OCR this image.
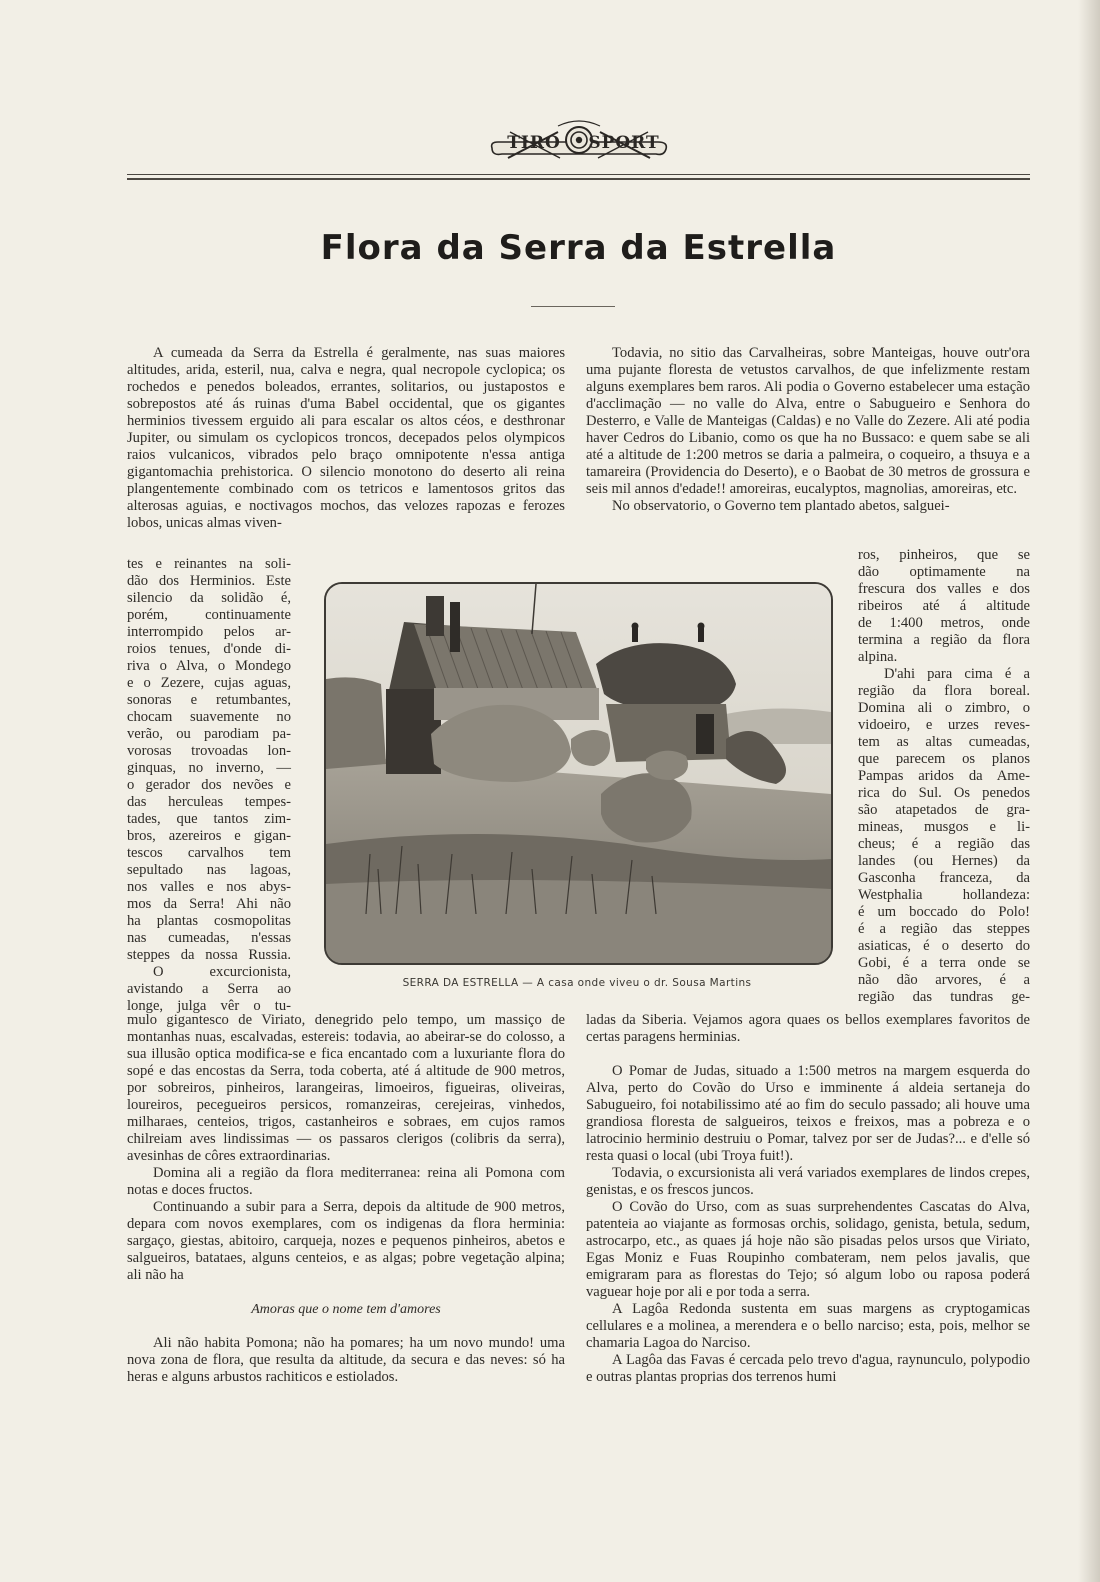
TIRO SPORT
Flora da Serra da Estrella

A cumeada da Serra da Estrella é geralmente, nas suas maiores altitudes, arida, esteril, nua, calva e negra, qual necropole cyclopica; os rochedos e penedos boleados, errantes, solitarios, ou justapostos e sobrepostos até ás ruinas d'uma Babel occidental, que os gigantes herminios tivessem erguido ali para escalar os altos céos, e desthronar Jupiter, ou simulam os cyclopicos troncos, decepados pelos olympicos raios vulcanicos, vibrados pelo braço omnipotente n'essa antiga gigantomachia prehistorica. O silencio monotono do deserto ali reina plangentemente combinado com os tetricos e lamentosos gritos das alterosas aguias, e noctivagos mochos, das velozes rapozas e ferozes lobos, unicas almas viven-

tes e reinantes na soli-
dão dos Herminios. Este
silencio da solidão é,
porém, continuamente
interrompido pelos ar-
roios tenues, d'onde di-
riva o Alva, o Mondego
e o Zezere, cujas aguas,
sonoras e retumbantes,
chocam suavemente no
verão, ou parodiam pa-
vorosas trovoadas lon-
ginquas, no inverno, —
o gerador dos nevões e
das herculeas tempes-
tades, que tantos zim-
bros, azereiros e gigan-
tescos carvalhos tem
sepultado nas lagoas,
nos valles e nos abys-
mos da Serra! Ahi não
ha plantas cosmopolitas
nas cumeadas, n'essas
steppes da nossa Russia.
O excurcionista,
avistando a Serra ao
longe, julga vêr o tu-

mulo gigantesco de Viriato, denegrido pelo tempo, um massiço de montanhas nuas, escalvadas, estereis: todavia, ao abeirar-se do colosso, a sua illusão optica modifica-se e fica encantado com a luxuriante flora do sopé e das encostas da Serra, toda coberta, até á altitude de 900 metros, por sobreiros, pinheiros, larangeiras, limoeiros, figueiras, oliveiras, loureiros, pecegueiros persicos, romanzeiras, cerejeiras, vinhedos, milharaes, centeios, trigos, castanheiros e sobraes, em cujos ramos chilreiam aves lindissimas — os passaros clerigos (colibris da serra), avesinhas de côres extraordinarias.

Domina ali a região da flora mediterranea: reina ali Pomona com notas e doces fructos.

Continuando a subir para a Serra, depois da altitude de 900 metros, depara com novos exemplares, com os indigenas da flora herminia: sargaço, giestas, abitoiro, carqueja, nozes e pequenos pinheiros, abetos e salgueiros, batataes, alguns centeios, e as algas; pobre vegetação alpina; ali não ha

Amoras que o nome tem d'amores

Ali não habita Pomona; não ha pomares; ha um novo mundo! uma nova zona de flora, que resulta da altitude, da secura e das neves: só ha heras e alguns arbustos rachiticos e estiolados.

Todavia, no sitio das Carvalheiras, sobre Manteigas, houve outr'ora uma pujante floresta de vetustos carvalhos, de que infelizmente restam alguns exemplares bem raros. Ali podia o Governo estabelecer uma estação d'acclimação — no valle do Alva, entre o Sabugueiro e Senhora do Desterro, e Valle de Manteigas (Caldas) e no Valle do Zezere. Ali até podia haver Cedros do Libanio, como os que ha no Bussaco: e quem sabe se ali até a altitude de 1:200 metros se daria a palmeira, o coqueiro, a thsuya e a tamareira (Providencia do Deserto), e o Baobat de 30 metros de grossura e seis mil annos d'edade!! amoreiras, eucalyptos, magnolias, amoreiras, etc.

No observatorio, o Governo tem plantado abetos, salguei-

ros, pinheiros, que se
dão optimamente na
frescura dos valles e dos
ribeiros até á altitude
de 1:400 metros, onde
termina a região da flora
alpina.
D'ahi para cima é a
região da flora boreal.
Domina ali o zimbro, o
vidoeiro, e urzes reves-
tem as altas cumeadas,
que parecem os planos
Pampas aridos da Ame-
rica do Sul. Os penedos
são atapetados de gra-
mineas, musgos e li-
cheus; é a região das
landes (ou Hernes) da
Gasconha franceza, da
Westphalia hollandeza:
é um boccado do Polo!
é a região das steppes
asiaticas, é o deserto do
Gobi, é a terra onde se
não dão arvores, é a
região das tundras ge-

ladas da Siberia. Vejamos agora quaes os bellos exemplares favoritos de certas paragens herminias.

O Pomar de Judas, situado a 1:500 metros na margem esquerda do Alva, perto do Covão do Urso e imminente á aldeia sertaneja do Sabugueiro, foi notabilissimo até ao fim do seculo passado; ali houve uma grandiosa floresta de salgueiros, teixos e freixos, mas a pobreza e o latrocinio herminio destruiu o Pomar, talvez por ser de Judas?... e d'elle só resta quasi o local (ubi Troya fuit!).

Todavia, o excursionista ali verá variados exemplares de lindos crepes, genistas, e os frescos juncos.

O Covão do Urso, com as suas surprehendentes Cascatas do Alva, patenteia ao viajante as formosas orchis, solidago, genista, betula, sedum, astrocarpo, etc., as quaes já hoje não são pisadas pelos ursos que Viriato, Egas Moniz e Fuas Roupinho combateram, nem pelos javalis, que emigraram para as florestas do Tejo; só algum lobo ou raposa poderá vaguear hoje por ali e por toda a serra.

A Lagôa Redonda sustenta em suas margens as cryptogamicas cellulares e a molinea, a merendera e o bello narciso; esta, pois, melhor se chamaria Lagoa do Narciso.

A Lagôa das Favas é cercada pelo trevo d'agua, raynunculo, polypodio e outras plantas proprias dos terrenos humi

SERRA DA ESTRELLA — A casa onde viveu o dr. Sousa Martins
